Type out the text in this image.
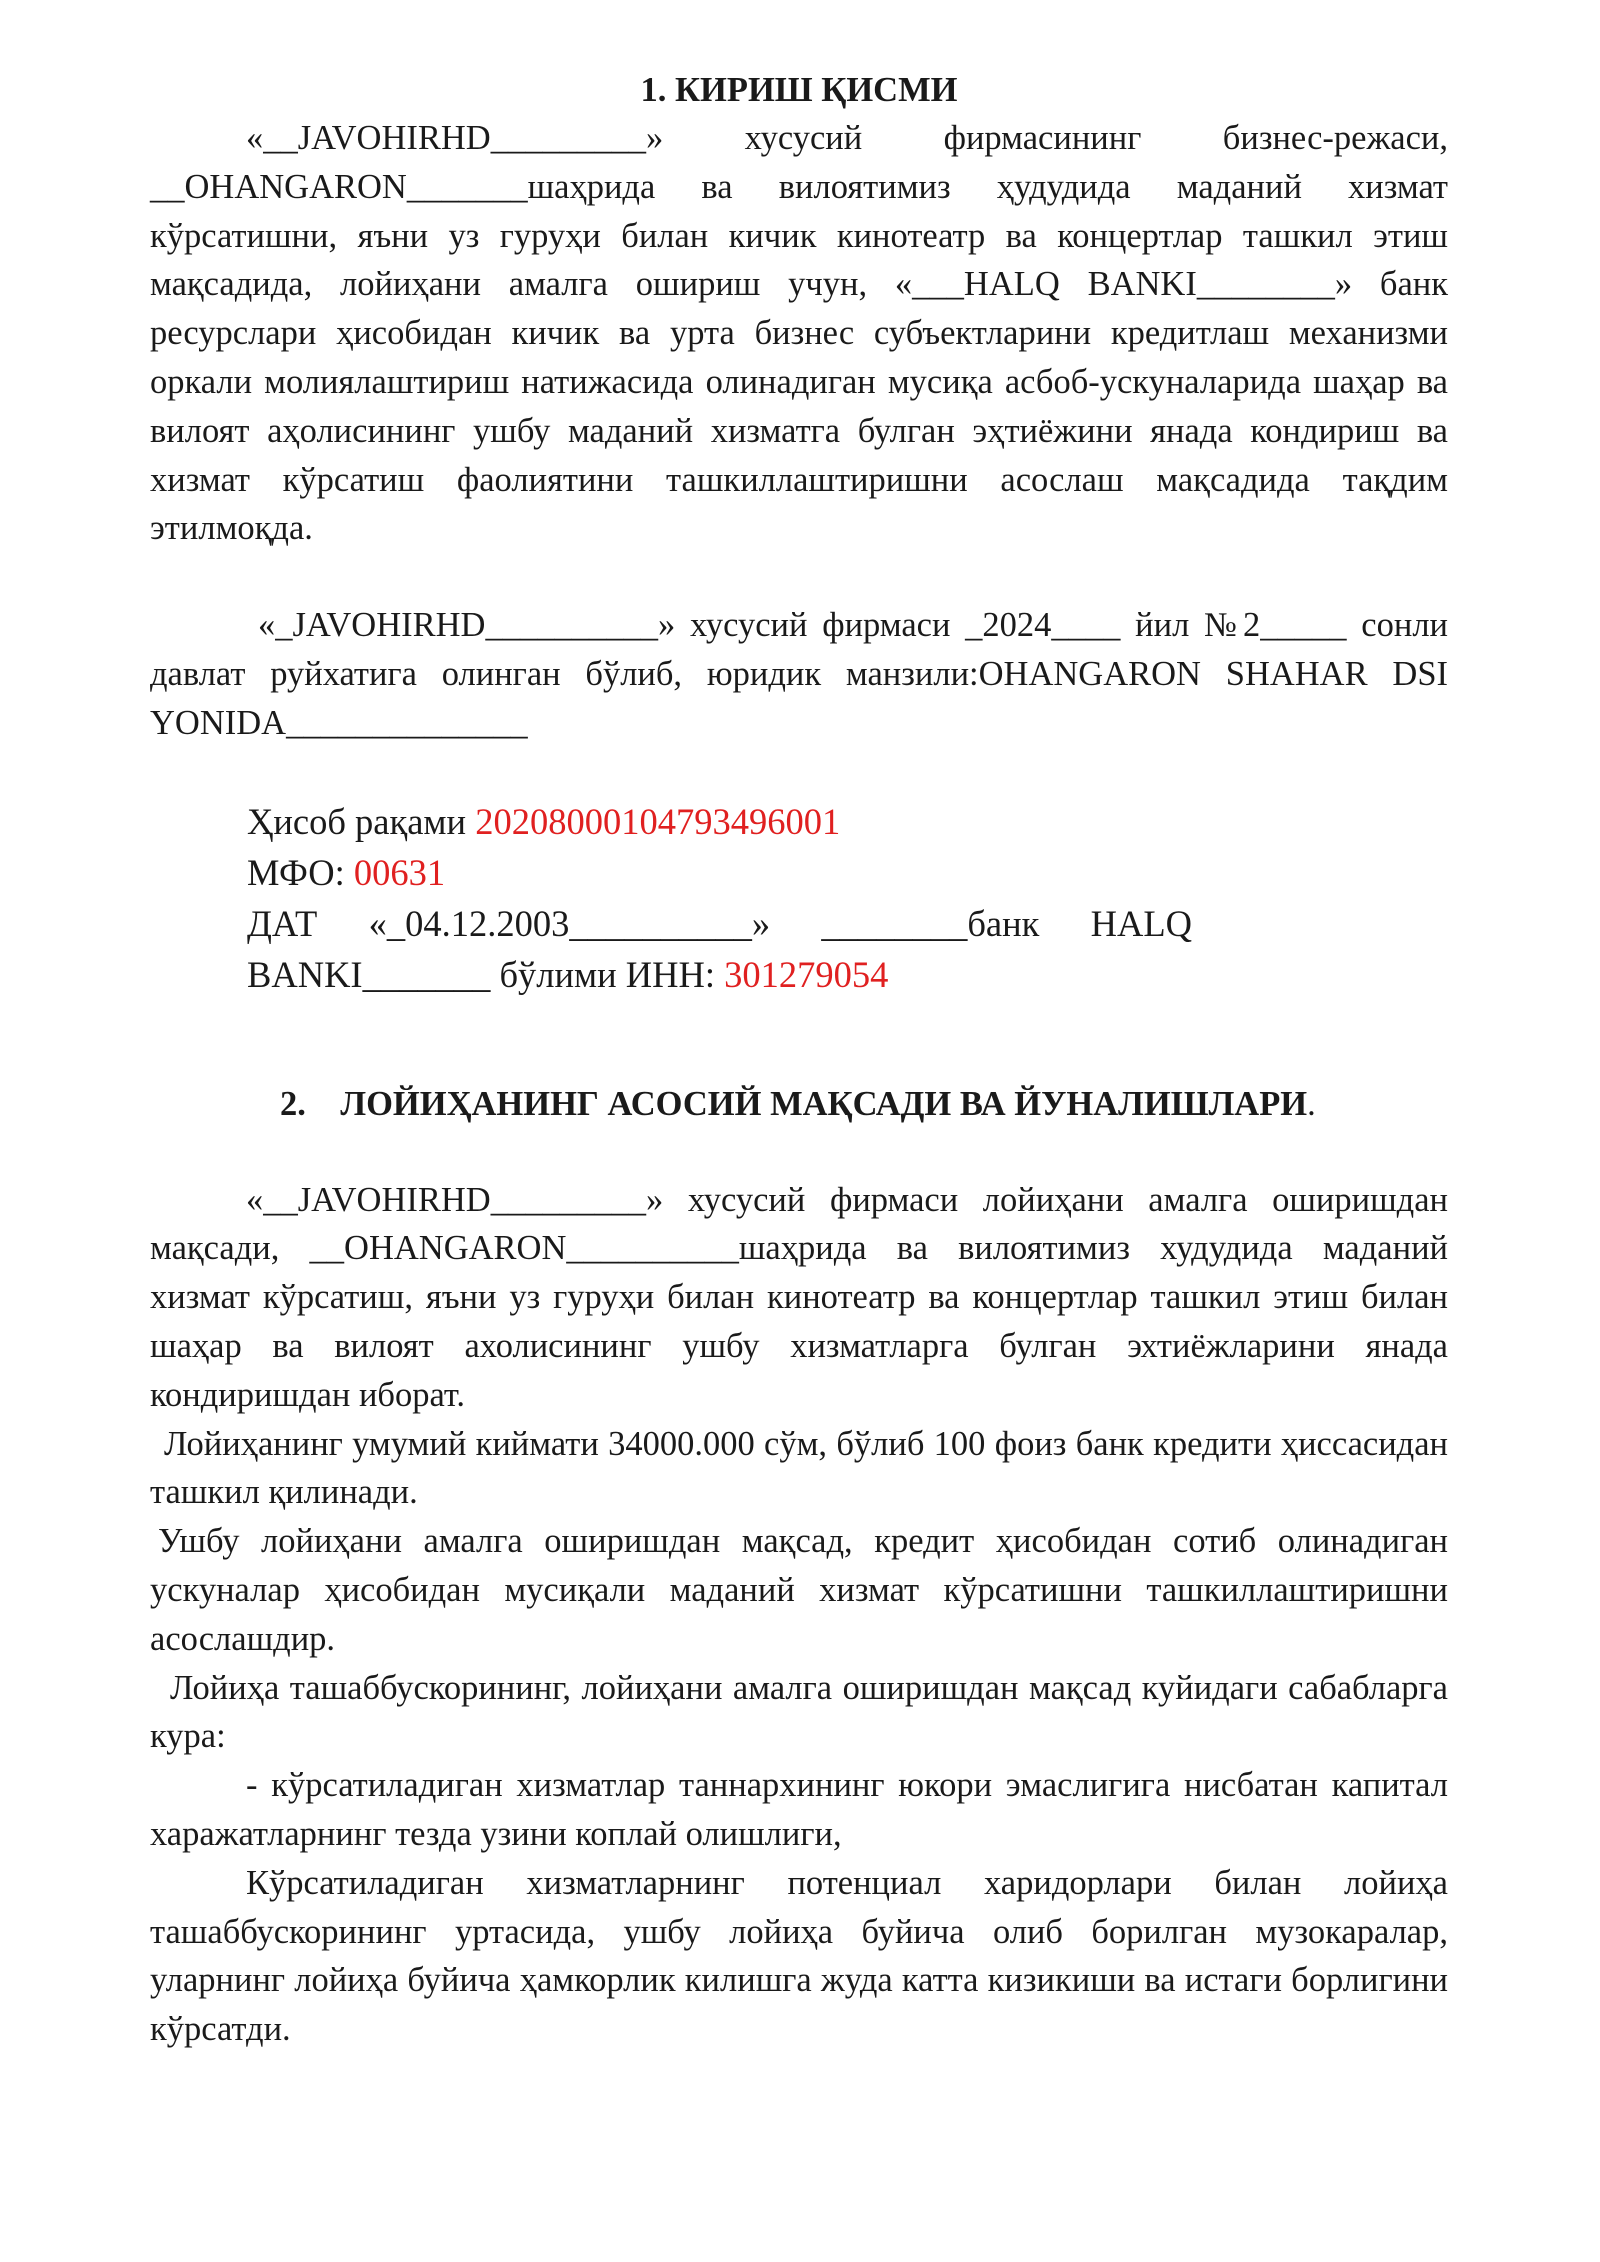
1. КИРИШ ҚИСМИ

«__JAVOHIRHD_________» хусусий фирмасининг бизнес-режаси, __OHANGARON_______шаҳрида ва вилоятимиз ҳудудида маданий хизмат кўрсатишни, яъни уз гуруҳи билан кичик кинотеатр ва концертлар ташкил этиш мақсадида, лойиҳани амалга ошириш учун, «___HALQ BANKI________» банк ресурслари ҳисобидан кичик ва урта бизнес субъектларини кредитлаш механизми оркали молиялаштириш натижасида олинадиган мусиқа асбоб-ускуналарида шаҳар ва вилоят аҳолисининг ушбу маданий хизматга булган эҳтиёжини янада кондириш ва хизмат кўрсатиш фаолиятини ташкиллаштиришни асослаш мақсадида тақдим этилмоқда.

«_JAVOHIRHD__________» хусусий фирмаси _2024____ йил №2_____ сонли давлат руйхатига олинган бўлиб, юридик манзили:OHANGARON SHAHAR DSI YONIDA______________

Ҳисоб рақами 20208000104793496001

МФО: 00631

ДАТ «_04.12.2003__________» ________банк HALQ BANKI_______ бўлими ИНН: 301279054

2. ЛОЙИҲАНИНГ АСОСИЙ МАҚСАДИ ВА ЙУНАЛИШЛАРИ.

«__JAVOHIRHD_________» хусусий фирмаси лойиҳани амалга оширишдан мақсади, __OHANGARON__________шаҳрида ва вилоятимиз худудида маданий хизмат кўрсатиш, яъни уз гуруҳи билан кинотеатр ва концертлар ташкил этиш билан шаҳар ва вилоят ахолисининг ушбу хизматларга булган эхтиёжларини янада кондиришдан иборат.

Лойиҳанинг умумий киймати 34000.000 сўм, бўлиб 100 фоиз банк кредити ҳиссасидан ташкил қилинади.

Ушбу лойиҳани амалга оширишдан мақсад, кредит ҳисобидан сотиб олинадиган ускуналар ҳисобидан мусиқали маданий хизмат кўрсатишни ташкиллаштиришни асослашдир.

Лойиҳа ташаббускорининг, лойиҳани амалга оширишдан мақсад куйидаги сабабларга кура:

- кўрсатиладиган хизматлар таннархининг юкори эмаслигига нисбатан капитал харажатларнинг тезда узини коплай олишлиги,

Кўрсатиладиган хизматларнинг потенциал харидорлари билан лойиҳа ташаббускорининг уртасида, ушбу лойиҳа буйича олиб борилган музокаралар, уларнинг лойиҳа буйича ҳамкорлик килишга жуда катта кизикиши ва истаги борлигини кўрсатди.
